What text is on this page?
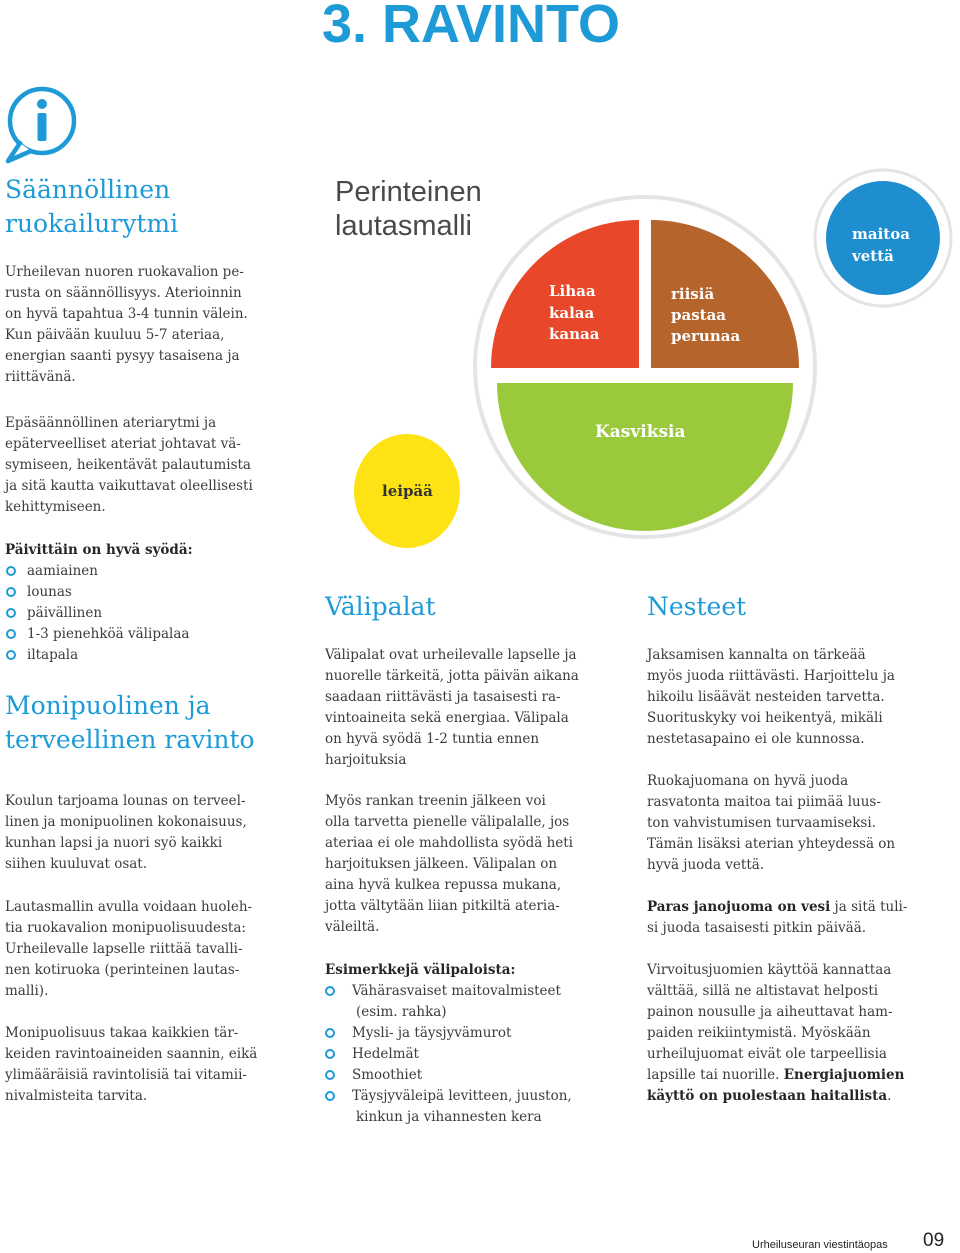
3. RAVINTO
Säännöllinen
ruokailurytmi
Urheilevan nuoren ruokavalion pe-
rusta on säännöllisyys. Aterioinnin
on hyvä tapahtua 3-4 tunnin välein.
Kun päivään kuuluu 5-7 ateriaa,
energian saanti pysyy tasaisena ja
riittävänä.
Epäsäännöllinen ateriarytmi ja
epäterveelliset ateriat johtavat vä-
symiseen, heikentävät palautumista
ja sitä kautta vaikuttavat oleellisesti
kehittymiseen.
Päivittäin on hyvä syödä:
aamiainen
lounas
päivällinen
1-3 pienehköä välipalaa
iltapala
Monipuolinen ja
terveellinen ravinto
Koulun tarjoama lounas on terveel-
linen ja monipuolinen kokonaisuus,
kunhan lapsi ja nuori syö kaikki
siihen kuuluvat osat.
Lautasmallin avulla voidaan huoleh-
tia ruokavalion monipuolisuudesta:
Urheilevalle lapselle riittää tavalli-
nen kotiruoka (perinteinen lautas-
malli).
Monipuolisuus takaa kaikkien tär-
keiden ravintoaineiden saannin, eikä
ylimääräisiä ravintolisiä tai vitamii-
nivalmisteita tarvita.
Lihaa
kalaa
kanaa
riisiä
pastaa
perunaa
Kasviksia
leipää
maitoa
vettä
Perinteinen
lautasmalli
Välipalat
Välipalat ovat urheilevalle lapselle ja
nuorelle tärkeitä, jotta päivän aikana
saadaan riittävästi ja tasaisesti ra-
vintoaineita sekä energiaa. Välipala
on hyvä syödä 1-2 tuntia ennen
harjoituksia
Myös rankan treenin jälkeen voi
olla tarvetta pienelle välipalalle, jos
ateriaa ei ole mahdollista syödä heti
harjoituksen jälkeen. Välipalan on
aina hyvä kulkea repussa mukana,
jotta vältytään liian pitkiltä ateria-
väleiltä.
Esimerkkejä välipaloista:
Vähärasvaiset maitovalmisteet
(esim. rahka)
Mysli- ja täysjyvämurot
Hedelmät
Smoothiet
Täysjyväleipä levitteen, juuston,
kinkun ja vihannesten kera
Nesteet
Jaksamisen kannalta on tärkeää
myös juoda riittävästi. Harjoittelu ja
hikoilu lisäävät nesteiden tarvetta.
Suorituskyky voi heikentyä, mikäli
nestetasapaino ei ole kunnossa.
Ruokajuomana on hyvä juoda
rasvatonta maitoa tai piimää luus-
ton vahvistumisen turvaamiseksi.
Tämän lisäksi aterian yhteydessä on
hyvä juoda vettä.
Paras janojuoma on vesi ja sitä tuli-
si juoda tasaisesti pitkin päivää.
Virvoitusjuomien käyttöä kannattaa
välttää, sillä ne altistavat helposti
painon nousulle ja aiheuttavat ham-
paiden reikiintymistä. Myöskään
urheilujuomat eivät ole tarpeellisia
lapsille tai nuorille. Energiajuomien
käyttö on puolestaan haitallista.
Urheiluseuran viestintäopas 09
